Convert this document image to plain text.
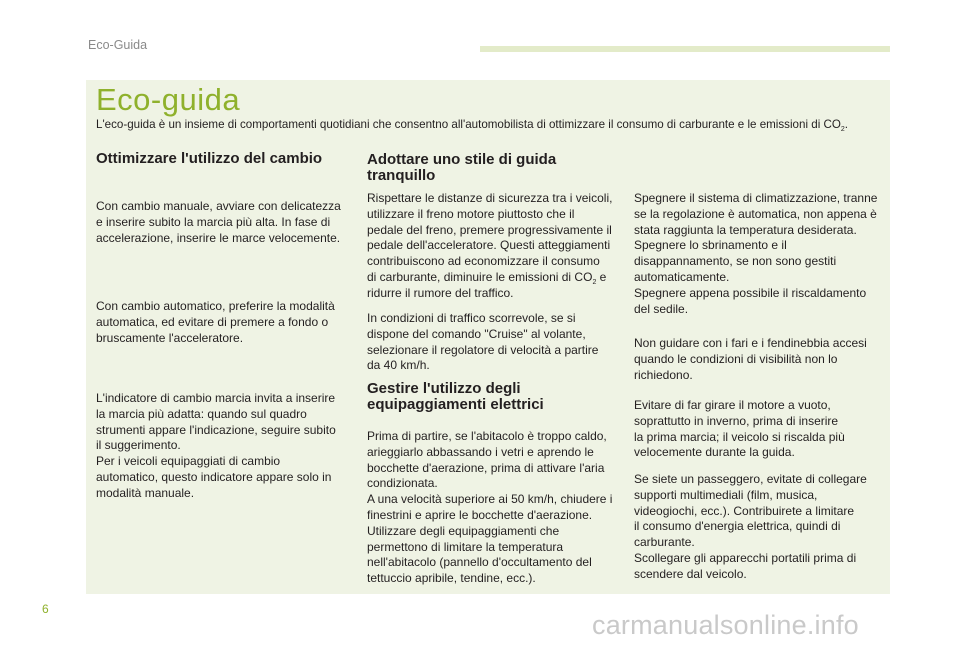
Eco-Guida
Eco-guida
L'eco-guida è un insieme di comportamenti quotidiani che consentno all'automobilista di ottimizzare il consumo di carburante e le emissioni di $CO_2$.
Ottimizzare l'utilizzo del cambio

Con cambio manuale, avviare con delicatezza
e inserire subito la marcia più alta. In fase di
accelerazione, inserire le marce velocemente.

Con cambio automatico, preferire la modalità
automatica, ed evitare di premere a fondo o
bruscamente l'acceleratore.

L'indicatore di cambio marcia invita a inserire
la marcia più adatta: quando sul quadro
strumenti appare l'indicazione, seguire subito
il suggerimento.
Per i veicoli equipaggiati di cambio
automatico, questo indicatore appare solo in
modalità manuale.

Adottare uno stile di guida
tranquillo

Rispettare le distanze di sicurezza tra i veicoli,
utilizzare il freno motore piuttosto che il
pedale del freno, premere progressivamente il
pedale dell'acceleratore. Questi atteggiamenti
contribuiscono ad economizzare il consumo
di carburante, diminuire le emissioni di $CO_2$ e
ridurre il rumore del traffico.

In condizioni di traffico scorrevole, se si
dispone del comando "Cruise" al volante,
selezionare il regolatore di velocità a partire
da 40 km/h.

Gestire l'utilizzo degli
equipaggiamenti elettrici

Prima di partire, se l'abitacolo è troppo caldo,
arieggiarlo abbassando i vetri e aprendo le
bocchette d'aerazione, prima di attivare l'aria
condizionata.
A una velocità superiore ai 50 km/h, chiudere i
finestrini e aprire le bocchette d'aerazione.
Utilizzare degli equipaggiamenti che
permettono di limitare la temperatura
nell'abitacolo (pannello d'occultamento del
tettuccio apribile, tendine, ecc.).

Spegnere il sistema di climatizzazione, tranne
se la regolazione è automatica, non appena è
stata raggiunta la temperatura desiderata.
Spegnere lo sbrinamento e il
disappannamento, se non sono gestiti
automaticamente.
Spegnere appena possibile il riscaldamento
del sedile.

Non guidare con i fari e i fendinebbia accesi
quando le condizioni di visibilità non lo
richiedono.

Evitare di far girare il motore a vuoto,
soprattutto in inverno, prima di inserire
la prima marcia; il veicolo si riscalda più
velocemente durante la guida.

Se siete un passeggero, evitate di collegare
supporti multimediali (film, musica,
videogiochi, ecc.). Contribuirete a limitare
il consumo d'energia elettrica, quindi di
carburante.
Scollegare gli apparecchi portatili prima di
scendere dal veicolo.

6
carmanualsonline.info
